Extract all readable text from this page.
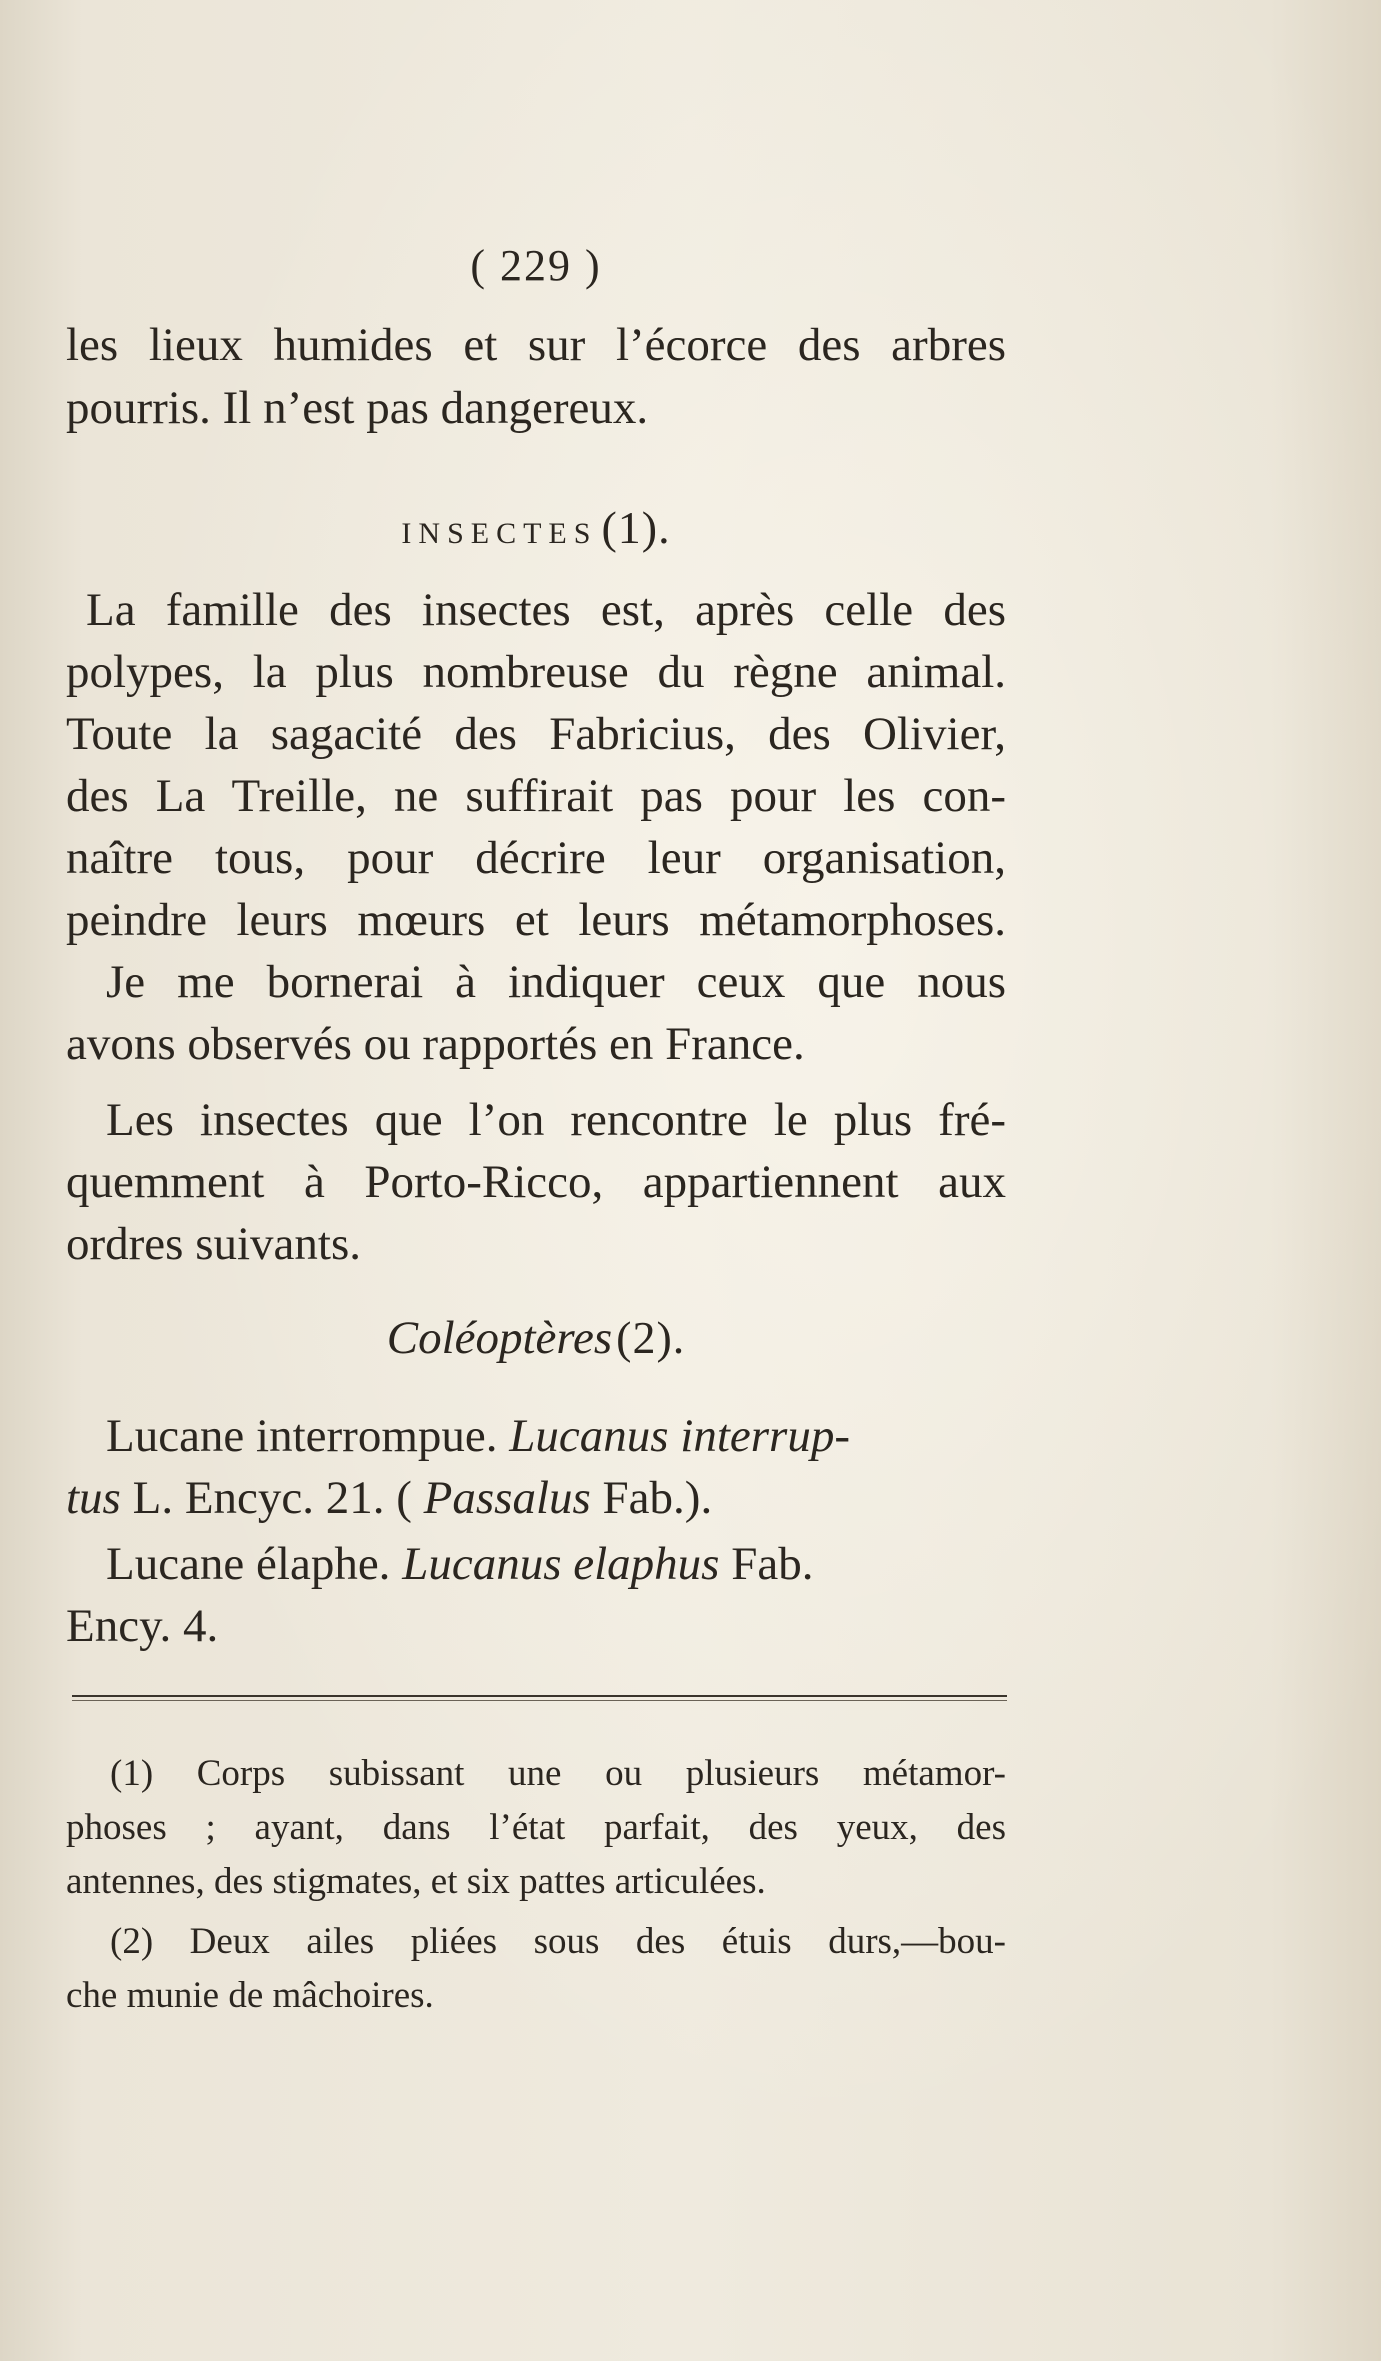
( 229 )
les lieux humides et sur l’écorce des arbres
pourris. Il n’est pas dangereux.
INSECTES (1).
La famille des insectes est, après celle des
polypes, la plus nombreuse du règne animal.
Toute la sagacité des Fabricius, des Olivier,
des La Treille, ne suffirait pas pour les con-
naître tous, pour décrire leur organisation,
peindre leurs mœurs et leurs métamorphoses.
Je me bornerai à indiquer ceux que nous
avons observés ou rapportés en France.
Les insectes que l’on rencontre le plus fré-
quemment à Porto-Ricco, appartiennent aux
ordres suivants.
Coléoptères (2).
Lucane interrompue. Lucanus interrup-
tus L. Encyc. 21. ( Passalus Fab.).
Lucane élaphe. Lucanus elaphus Fab.
Ency. 4.
(1) Corps subissant une ou plusieurs métamor-
phoses ; ayant, dans l’état parfait, des yeux, des
antennes, des stigmates, et six pattes articulées.
(2) Deux ailes pliées sous des étuis durs,—bou-
che munie de mâchoires.
